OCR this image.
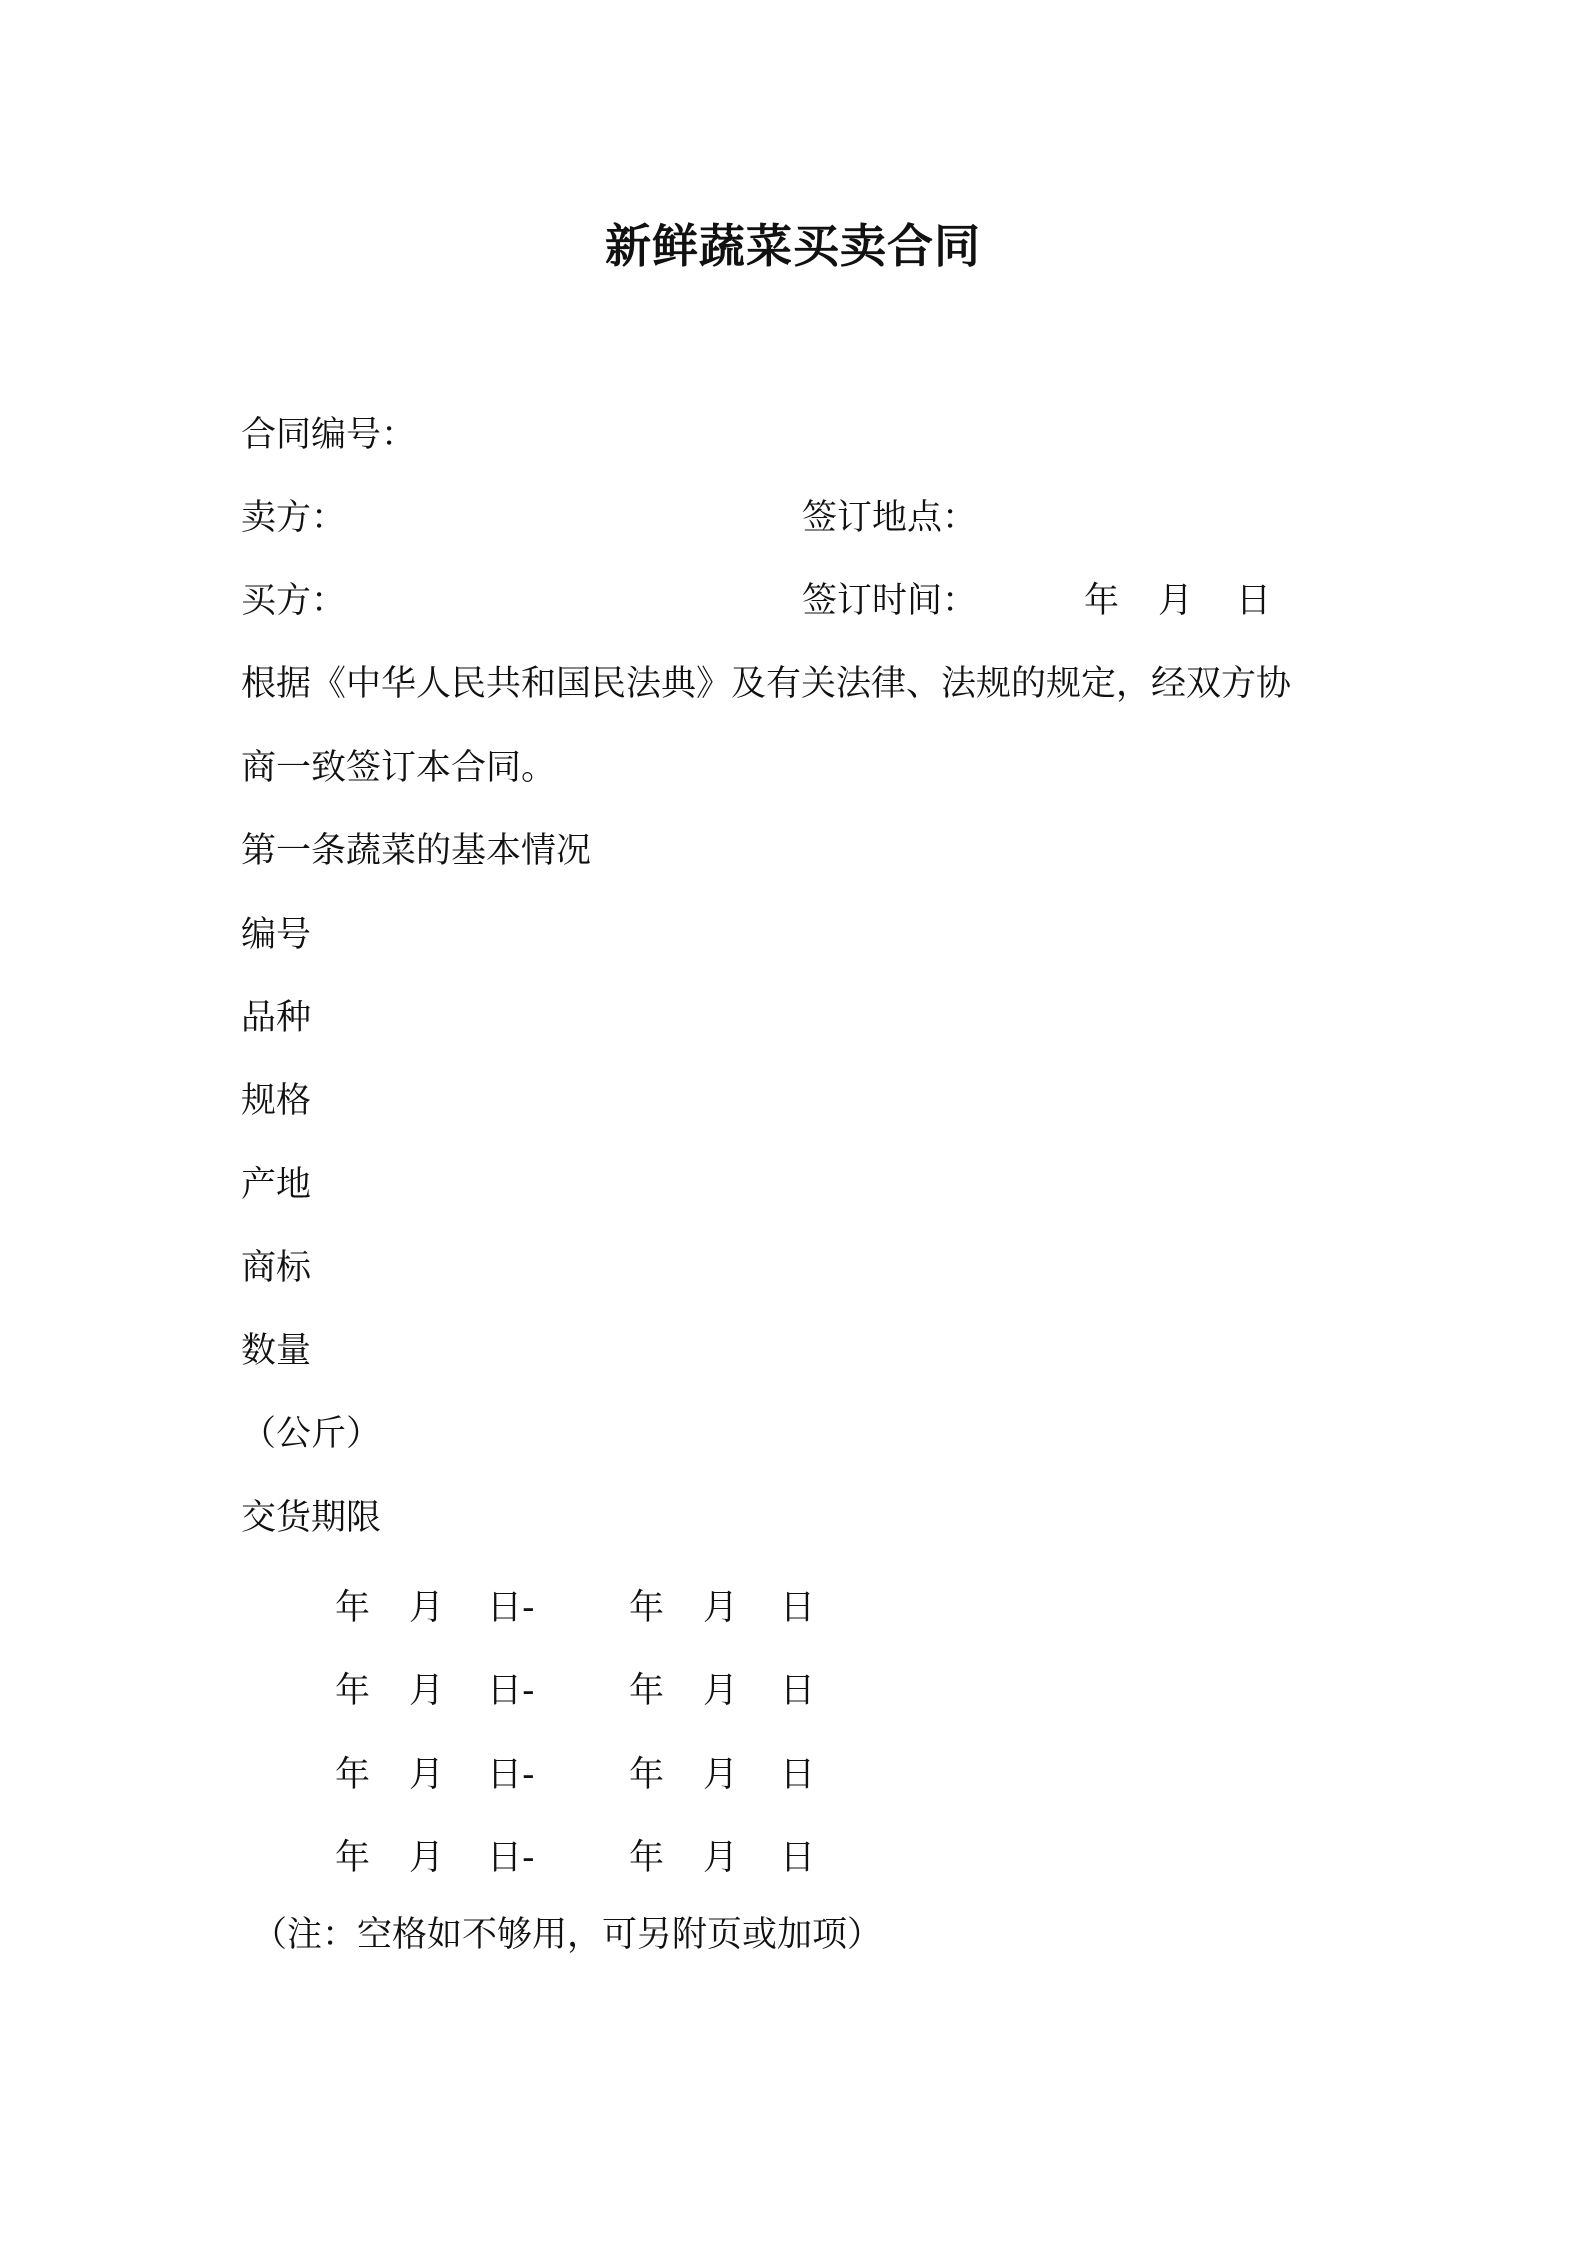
新鲜蔬菜买卖合同
合同编号：
卖方：	签订地点：
买方：	签订时间：	年 月 日
根据《中华人民共和国民法典》及有关法律、法规的规定，经双方协
商一致签订本合同。
第一条蔬菜的基本情况
编号
品种
规格
产地
商标
数量
（公斤）
交货期限
年 月 日-	年 月 日
年 月 日-	年 月 日
年 月 日-	年 月 日
年 月 日-	年 月 日
（注：空格如不够用，可另附页或加项）
